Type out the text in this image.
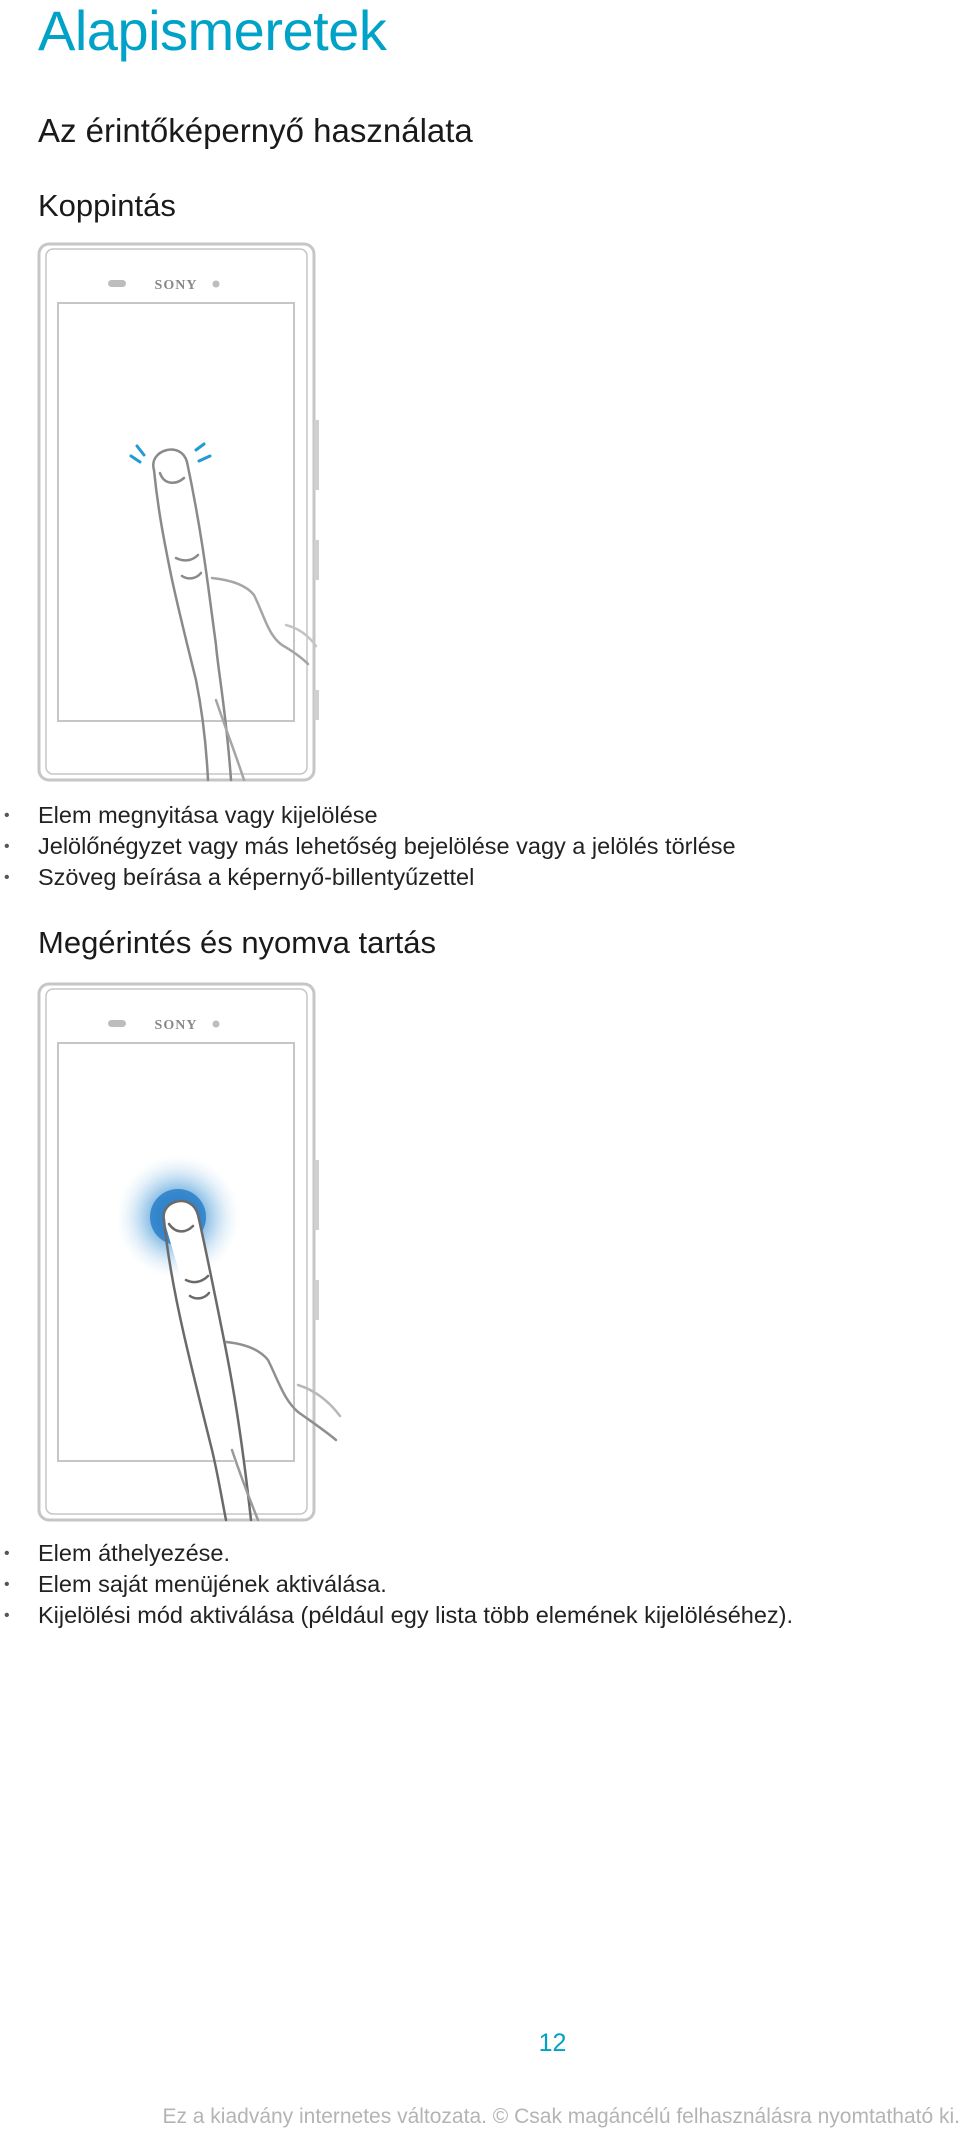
Alapismeretek
Az érintőképernyő használata
Koppintás
SONY
• Elem megnyitása vagy kijelölése
• Jelölőnégyzet vagy más lehetőség bejelölése vagy a jelölés törlése
• Szöveg beírása a képernyő-billentyűzettel
Megérintés és nyomva tartás
SONY
• Elem áthelyezése.
• Elem saját menüjének aktiválása.
• Kijelölési mód aktiválása (például egy lista több elemének kijelöléséhez).
12
Ez a kiadvány internetes változata. © Csak magáncélú felhasználásra nyomtatható ki.
